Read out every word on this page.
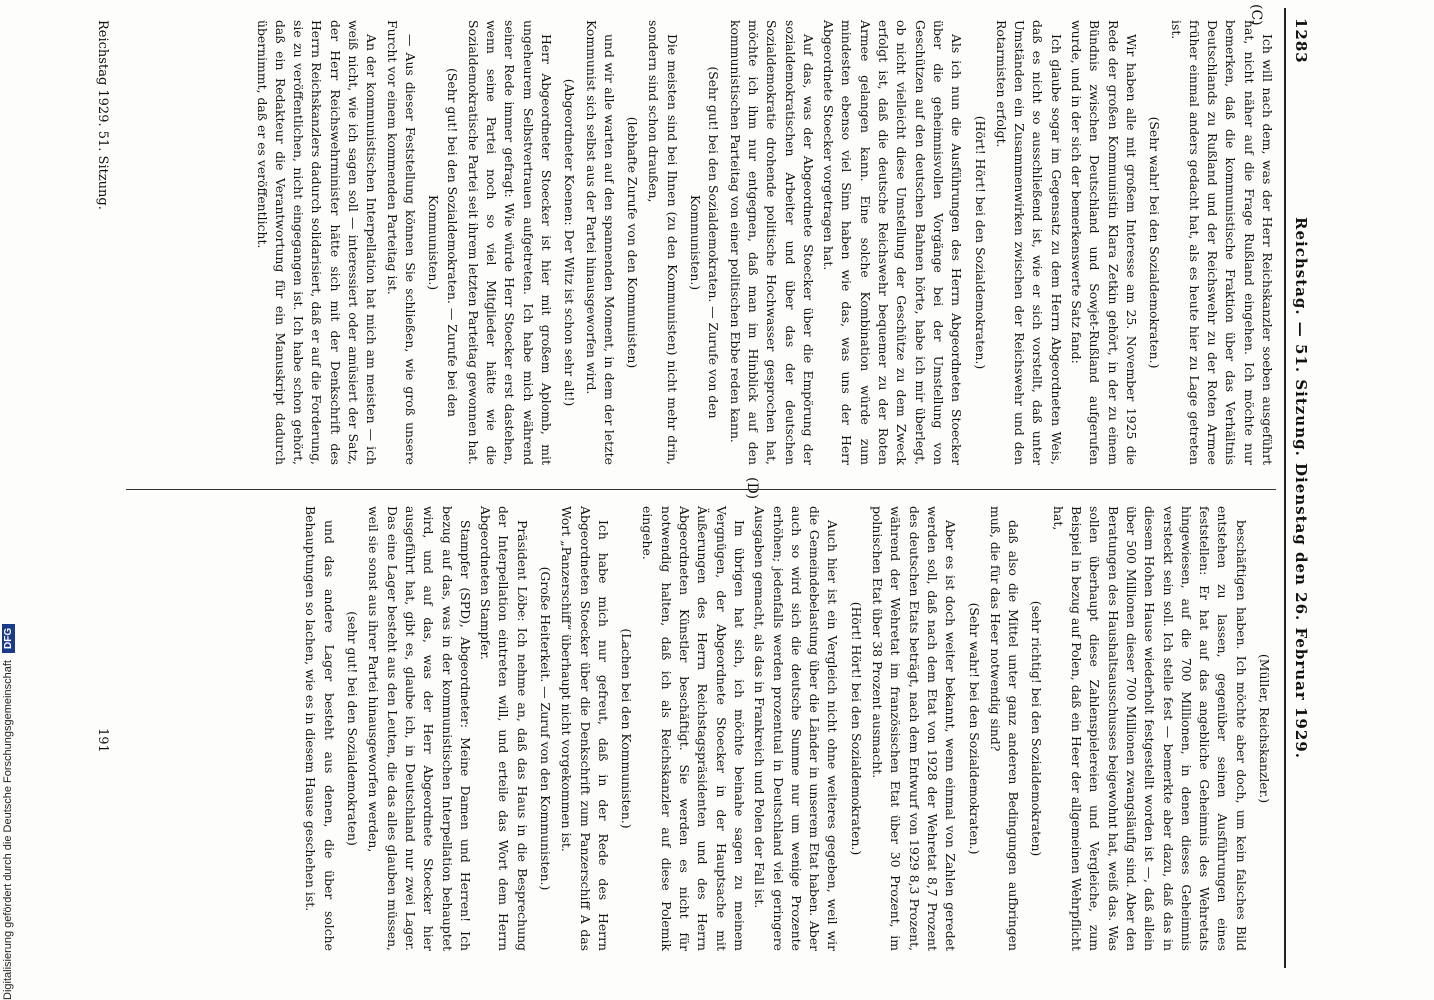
1283
Reichstag. — 51. Sitzung. Dienstag den 26. Februar 1929.
(C)
(D)

Ich will nach dem, was der Herr Reichskanzler soeben ausgeführt hat, nicht näher auf die Frage Rußland eingehen. Ich möchte nur bemerken, daß die kommunistische Fraktion über das Verhältnis Deutschlands zu Rußland und der Reichswehr zu der Roten Armee früher einmal anders gedacht hat, als es heute hier zu Lage getreten ist.

(Sehr wahr! bei den Sozialdemokraten.)

Wir haben alle mit großem Interesse am 25. November 1925 die Rede der großen Kommunistin Klara Zetkin gehört, in der zu einem Bündnis zwischen Deutschland und Sowjet-Rußland aufgerufen wurde, und in der sich der bemerkenswerte Satz fand:

Ich glaube sogar im Gegensatz zu dem Herrn Abgeordneten Weis, daß es nicht so ausschließend ist, wie er sich vorstellt, daß unter Umständen ein Zusammenwirken zwischen der Reichswehr und den Rotarmisten erfolgt.

(Hört! Hört! bei den Sozialdemokraten.)

Als ich nun die Ausführungen des Herrn Abgeordneten Stoecker über die geheimnisvollen Vorgänge bei der Umstellung von Geschützen auf den deutschen Bahnen hörte, habe ich mir überlegt, ob nicht vielleicht diese Umstellung der Geschütze zu dem Zweck erfolgt ist, daß die deutsche Reichswehr bequemer zu der Roten Armee gelangen kann. Eine solche Kombination würde zum mindesten ebenso viel Sinn haben wie das, was uns der Herr Abgeordnete Stoecker vorgetragen hat.

Auf das, was der Abgeordnete Stoecker über die Empörung der sozialdemokratischen Arbeiter und über das der deutschen Sozialdemokratie drohende politische Hochwasser gesprochen hat, möchte ich ihm nur entgegnen, daß man im Hinblick auf den kommunistischen Parteitag von einer politischen Ebbe reden kann.

(Sehr gut! bei den Sozialdemokraten. — Zurufe von den Kommunisten.)

Die meisten sind bei Ihnen (zu den Kommunisten) nicht mehr drin, sondern sind schon draußen,

(lebhafte Zurufe von den Kommunisten)

und wir alle warten auf den spannenden Moment, in dem der letzte Kommunist sich selbst aus der Partei hinausgeworfen wird.

(Abgeordneter Koenen: Der Witz ist schon sehr alt!)

Herr Abgeordneter Stoecker ist hier mit großem Aplomb, mit ungeheurem Selbstvertrauen aufgetreten. Ich habe mich während seiner Rede immer gefragt: Wie würde Herr Stoecker erst dastehen, wenn seine Partei noch so viel Mitglieder hätte wie die Sozialdemokratische Partei seit ihrem letzten Parteitag gewonnen hat.

(Sehr gut! bei den Sozialdemokraten. — Zurufe bei den Kommunisten.)

— Aus dieser Feststellung können Sie schließen, wie groß unsere Furcht vor einem kommenden Parteitag ist.

An der kommunistischen Interpellation hat mich am meisten — ich weiß nicht, wie ich sagen soll — interessiert oder amüsiert der Satz, der Herr Reichswehrminister hätte sich mit der Denkschrift des Herrn Reichskanzlers dadurch solidarisiert, daß er auf die Forderung, sie zu veröffentlichen, nicht eingegangen ist. Ich habe schon gehört, daß ein Redakteur die Verantwortung für ein Manuskript dadurch übernimmt, daß er es veröffentlicht.

(Müller, Reichskanzler.)

beschäftigen haben. Ich möchte aber doch, um kein falsches Bild entstehen zu lassen, gegenüber seinen Ausführungen eines feststellen: Er hat auf das angebliche Geheimnis des Wehretats hingewiesen, auf die 700 Millionen, in denen dieses Geheimnis versteckt sein soll. Ich stelle fest — bemerkte aber dazu, daß das in diesem Hohen Hause wiederholt festgestellt worden ist —, daß allein über 500 Millionen dieser 700 Millionen zwangsläufig sind. Aber den Beratungen des Haushaltsausschusses beigewohnt hat, weiß das. Was sollen überhaupt diese Zahlenspielereien und Vergleiche, zum Beispiel in bezug auf Polen, daß ein Heer der allgemeinen Wehrpflicht hat,

(sehr richtig! bei den Sozialdemokraten)

daß also die Mittel unter ganz anderen Bedingungen aufbringen muß, die für das Heer notwendig sind?

(Sehr wahr! bei den Sozialdemokraten.)

Aber es ist doch weiter bekannt, wenn einmal von Zahlen geredet werden soll, daß nach dem Etat von 1928 der Wehretat 8,7 Prozent des deutschen Etats beträgt, nach dem Entwurf von 1929 8,3 Prozent, während der Wehretat im französischen Etat über 30 Prozent, im polnischen Etat über 38 Prozent ausmacht.

(Hört! Hört! bei den Sozialdemokraten.)

Auch hier ist ein Vergleich nicht ohne weiteres gegeben, weil wir die Gemeindebelastung über die Länder in unserem Etat haben. Aber auch so wird sich die deutsche Summe nur um wenige Prozente erhöhen; jedenfalls werden prozentual in Deutschland viel geringere Ausgaben gemacht, als das in Frankreich und Polen der Fall ist.

Im übrigen hat sich, ich möchte beinahe sagen zu meinem Vergnügen, der Abgeordnete Stoecker in der Hauptsache mit Äußerungen des Herrn Reichstagspräsidenten und des Herrn Abgeordneten Künstler beschäftigt. Sie werden es nicht für notwendig halten, daß ich als Reichskanzler auf diese Polemik eingehe.

(Lachen bei den Kommunisten.)

Ich habe mich nur gefreut, daß in der Rede des Herrn Abgeordneten Stoecker über die Denkschrift zum Panzerschiff A das Wort „Panzerschiff“ überhaupt nicht vorgekommen ist.

(Große Heiterkeit. — Zuruf von den Kommunisten.)

Präsident Löbe: Ich nehme an, daß das Haus in die Besprechung der Interpellation eintreten will, und erteile das Wort dem Herrn Abgeordneten Stampfer.

Stampfer (SPD), Abgeordneter: Meine Damen und Herren! Ich bezug auf das, was in der kommunistischen Interpellation behauptet wird, und auf das, was der Herr Abgeordnete Stoecker hier ausgeführt hat, gibt es, glaube ich, in Deutschland nur zwei Lager. Das eine Lager besteht aus den Leuten, die das alles glauben müssen, weil sie sonst aus ihrer Partei hinausgeworfen werden,

(sehr gut! bei den Sozialdemokraten)

und das andere Lager besteht aus denen, die über solche Behauptungen so lachen, wie es in diesem Hause geschehen ist.

Reichstag 1929. 51. Sitzung.
191
Digitalisierung gefördert durch die Deutsche Forschungsgemeinschaft DFG
